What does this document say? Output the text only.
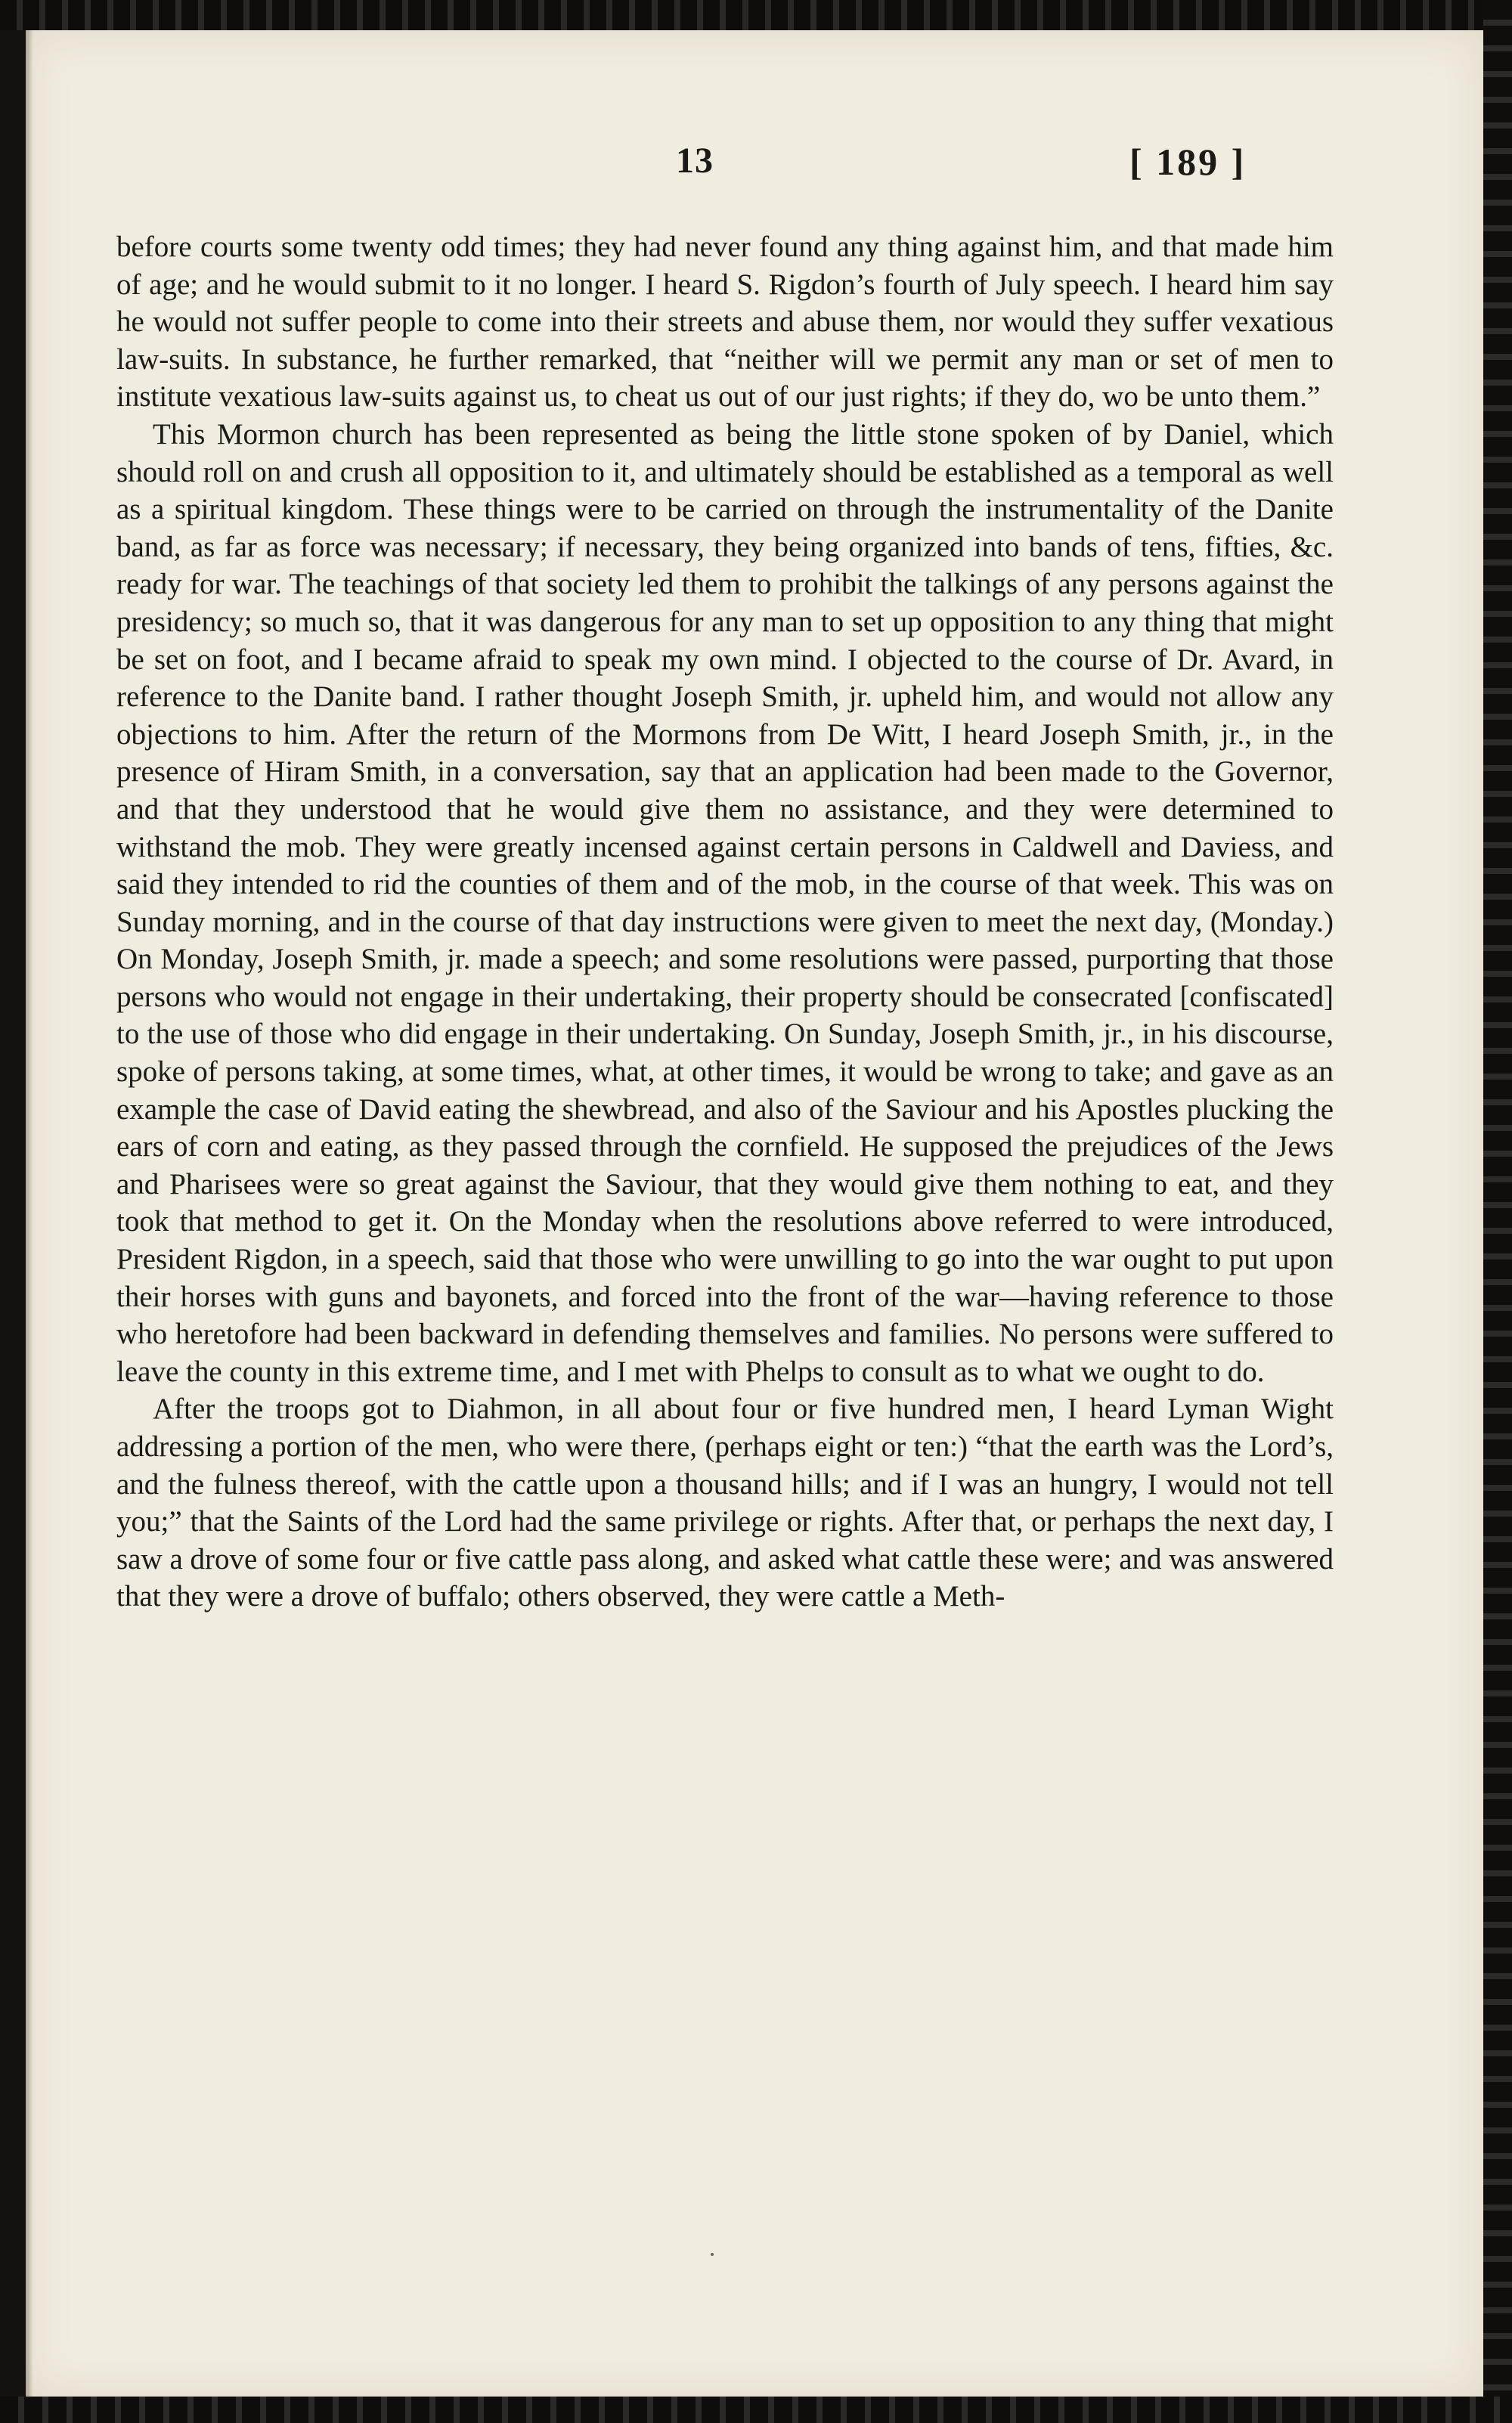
13	[ 189 ]

before courts some twenty odd times; they had never found any thing against him, and that made him of age; and he would submit to it no longer. I heard S. Rigdon’s fourth of July speech. I heard him say he would not suffer people to come into their streets and abuse them, nor would they suffer vexatious law-suits. In substance, he further remarked, that “neither will we permit any man or set of men to institute vexatious law-suits against us, to cheat us out of our just rights; if they do, wo be unto them.”

This Mormon church has been represented as being the little stone spoken of by Daniel, which should roll on and crush all opposition to it, and ultimately should be established as a temporal as well as a spiritual kingdom. These things were to be carried on through the instrumentality of the Danite band, as far as force was necessary; if necessary, they being organized into bands of tens, fifties, &c. ready for war. The teachings of that society led them to prohibit the talkings of any persons against the presidency; so much so, that it was dangerous for any man to set up opposition to any thing that might be set on foot, and I became afraid to speak my own mind. I objected to the course of Dr. Avard, in reference to the Danite band. I rather thought Joseph Smith, jr. upheld him, and would not allow any objections to him. After the return of the Mormons from De Witt, I heard Joseph Smith, jr., in the presence of Hiram Smith, in a conversation, say that an application had been made to the Governor, and that they understood that he would give them no assistance, and they were determined to withstand the mob. They were greatly incensed against certain persons in Caldwell and Daviess, and said they intended to rid the counties of them and of the mob, in the course of that week. This was on Sunday morning, and in the course of that day instructions were given to meet the next day, (Monday.) On Monday, Joseph Smith, jr. made a speech; and some resolutions were passed, purporting that those persons who would not engage in their undertaking, their property should be consecrated [confiscated] to the use of those who did engage in their undertaking. On Sunday, Joseph Smith, jr., in his discourse, spoke of persons taking, at some times, what, at other times, it would be wrong to take; and gave as an example the case of David eating the shewbread, and also of the Saviour and his Apostles plucking the ears of corn and eating, as they passed through the cornfield. He supposed the prejudices of the Jews and Pharisees were so great against the Saviour, that they would give them nothing to eat, and they took that method to get it. On the Monday when the resolutions above referred to were introduced, President Rigdon, in a speech, said that those who were unwilling to go into the war ought to put upon their horses with guns and bayonets, and forced into the front of the war—having reference to those who heretofore had been backward in defending themselves and families. No persons were suffered to leave the county in this extreme time, and I met with Phelps to consult as to what we ought to do.

After the troops got to Diahmon, in all about four or five hundred men, I heard Lyman Wight addressing a portion of the men, who were there, (perhaps eight or ten:) “that the earth was the Lord’s, and the fulness thereof, with the cattle upon a thousand hills; and if I was an hungry, I would not tell you;” that the Saints of the Lord had the same privilege or rights. After that, or perhaps the next day, I saw a drove of some four or five cattle pass along, and asked what cattle these were; and was answered that they were a drove of buffalo; others observed, they were cattle a Meth-
